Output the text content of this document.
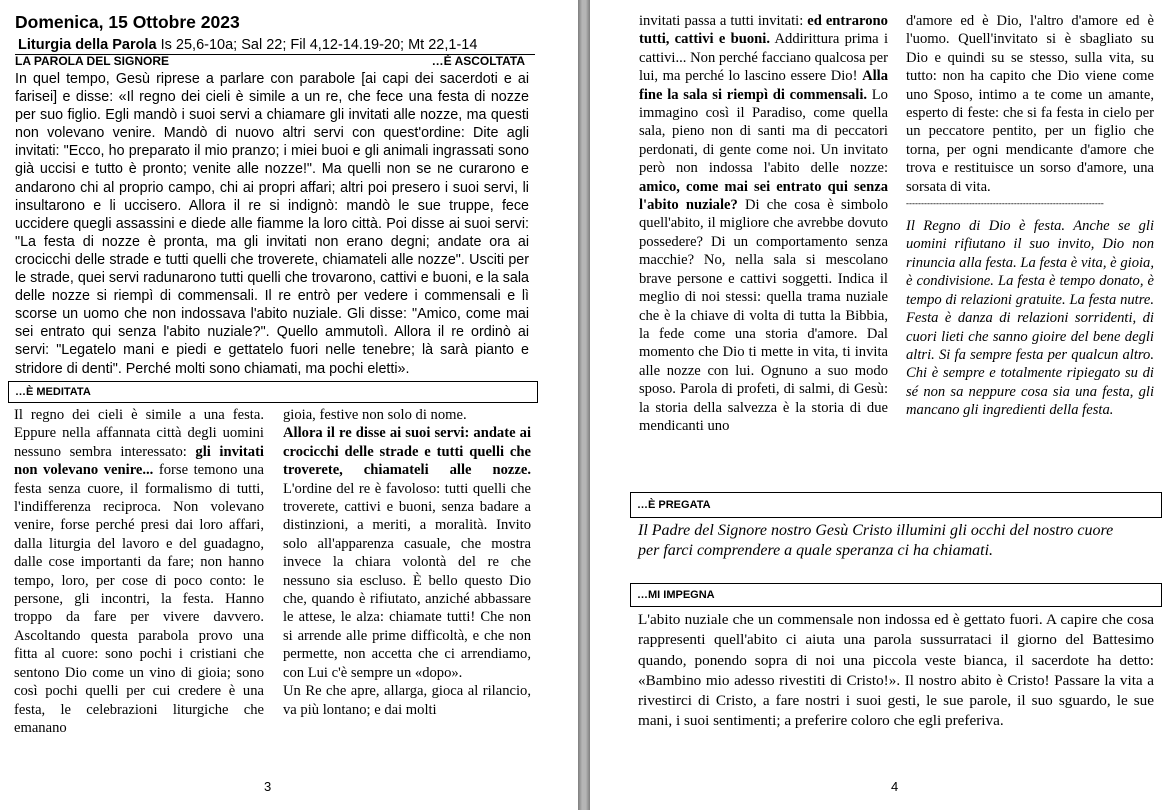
Domenica, 15 Ottobre 2023
Liturgia della Parola Is 25,6-10a; Sal 22; Fil 4,12-14.19-20; Mt 22,1-14
LA PAROLA DEL SIGNORE	…È ASCOLTATA
In quel tempo, Gesù riprese a parlare con parabole [ai capi dei sacerdoti e ai farisei] e disse: «Il regno dei cieli è simile a un re, che fece una festa di nozze per suo figlio. Egli mandò i suoi servi a chiamare gli invitati alle nozze, ma questi non volevano venire. Mandò di nuovo altri servi con quest'ordine: Dite agli invitati: "Ecco, ho preparato il mio pranzo; i miei buoi e gli animali ingrassati sono già uccisi e tutto è pronto; venite alle nozze!". Ma quelli non se ne curarono e andarono chi al proprio campo, chi ai propri affari; altri poi presero i suoi servi, li insultarono e li uccisero. Allora il re si indignò: mandò le sue truppe, fece uccidere quegli assassini e diede alle fiamme la loro città. Poi disse ai suoi servi: "La festa di nozze è pronta, ma gli invitati non erano degni; andate ora ai crocicchi delle strade e tutti quelli che troverete, chiamateli alle nozze". Usciti per le strade, quei servi radunarono tutti quelli che trovarono, cattivi e buoni, e la sala delle nozze si riempì di commensali. Il re entrò per vedere i commensali e lì scorse un uomo che non indossava l'abito nuziale. Gli disse: "Amico, come mai sei entrato qui senza l'abito nuziale?". Quello ammutolì. Allora il re ordinò ai servi: "Legatelo mani e piedi e gettatelo fuori nelle tenebre; là sarà pianto e stridore di denti". Perché molti sono chiamati, ma pochi eletti».
…È MEDITATA
Il regno dei cieli è simile a una festa. Eppure nella affannata città degli uomini nessuno sembra interessato: gli invitati non volevano venire... forse temono una festa senza cuore, il formalismo di tutti, l'indifferenza reciproca. Non volevano venire, forse perché presi dai loro affari, dalla liturgia del lavoro e del guadagno, dalle cose importanti da fare; non hanno tempo, loro, per cose di poco conto: le persone, gli incontri, la festa. Hanno troppo da fare per vivere davvero. Ascoltando questa parabola provo una fitta al cuore: sono pochi i cristiani che sentono Dio come un vino di gioia; sono così pochi quelli per cui credere è una festa, le celebrazioni liturgiche che emanano
gioia, festive non solo di nome.
Allora il re disse ai suoi servi: andate ai crocicchi delle strade e tutti quelli che troverete, chiamateli alle nozze. L'ordine del re è favoloso: tutti quelli che troverete, cattivi e buoni, senza badare a distinzioni, a meriti, a moralità. Invito solo all'apparenza casuale, che mostra invece la chiara volontà del re che nessuno sia escluso. È bello questo Dio che, quando è rifiutato, anziché abbassare le attese, le alza: chiamate tutti! Che non si arrende alle prime difficoltà, e che non permette, non accetta che ci arrendiamo, con Lui c'è sempre un «dopo».
Un Re che apre, allarga, gioca al rilancio, va più lontano; e dai molti
3
invitati passa a tutti invitati: ed entrarono tutti, cattivi e buoni. Addirittura prima i cattivi... Non perché facciano qualcosa per lui, ma perché lo lascino essere Dio! Alla fine la sala si riempì di commensali. Lo immagino così il Paradiso, come quella sala, pieno non di santi ma di peccatori perdonati, di gente come noi. Un invitato però non indossa l'abito delle nozze: amico, come mai sei entrato qui senza l'abito nuziale? Di che cosa è simbolo quell'abito, il migliore che avrebbe dovuto possedere? Di un comportamento senza macchie? No, nella sala si mescolano brave persone e cattivi soggetti. Indica il meglio di noi stessi: quella trama nuziale che è la chiave di volta di tutta la Bibbia, la fede come una storia d'amore. Dal momento che Dio ti mette in vita, ti invita alle nozze con lui. Ognuno a suo modo sposo. Parola di profeti, di salmi, di Gesù: la storia della salvezza è la storia di due mendicanti uno
d'amore ed è Dio, l'altro d'amore ed è l'uomo. Quell'invitato si è sbagliato su Dio e quindi su se stesso, sulla vita, su tutto: non ha capito che Dio viene come uno Sposo, intimo a te come un amante, esperto di feste: che si fa festa in cielo per un peccatore pentito, per un figlio che torna, per ogni mendicante d'amore che trova e restituisce un sorso d'amore, una sorsata di vita.
------------------------------------------------------------------
Il Regno di Dio è festa. Anche se gli uomini rifiutano il suo invito, Dio non rinuncia alla festa. La festa è vita, è gioia, è condivisione. La festa è tempo donato, è tempo di relazioni gratuite. La festa nutre. Festa è danza di relazioni sorridenti, di cuori lieti che sanno gioire del bene degli altri. Si fa sempre festa per qualcun altro. Chi è sempre e totalmente ripiegato su di sé non sa neppure cosa sia una festa, gli mancano gli ingredienti della festa.
…È PREGATA
Il Padre del Signore nostro Gesù Cristo illumini gli occhi del nostro cuore
per farci comprendere a quale speranza ci ha chiamati.
…MI IMPEGNA
L'abito nuziale che un commensale non indossa ed è gettato fuori. A capire che cosa rappresenti quell'abito ci aiuta una parola sussurrataci il giorno del Battesimo quando, ponendo sopra di noi una piccola veste bianca, il sacerdote ha detto: «Bambino mio adesso rivestiti di Cristo!». Il nostro abito è Cristo! Passare la vita a rivestirci di Cristo, a fare nostri i suoi gesti, le sue parole, il suo sguardo, le sue mani, i suoi sentimenti; a preferire coloro che egli preferiva.
4
